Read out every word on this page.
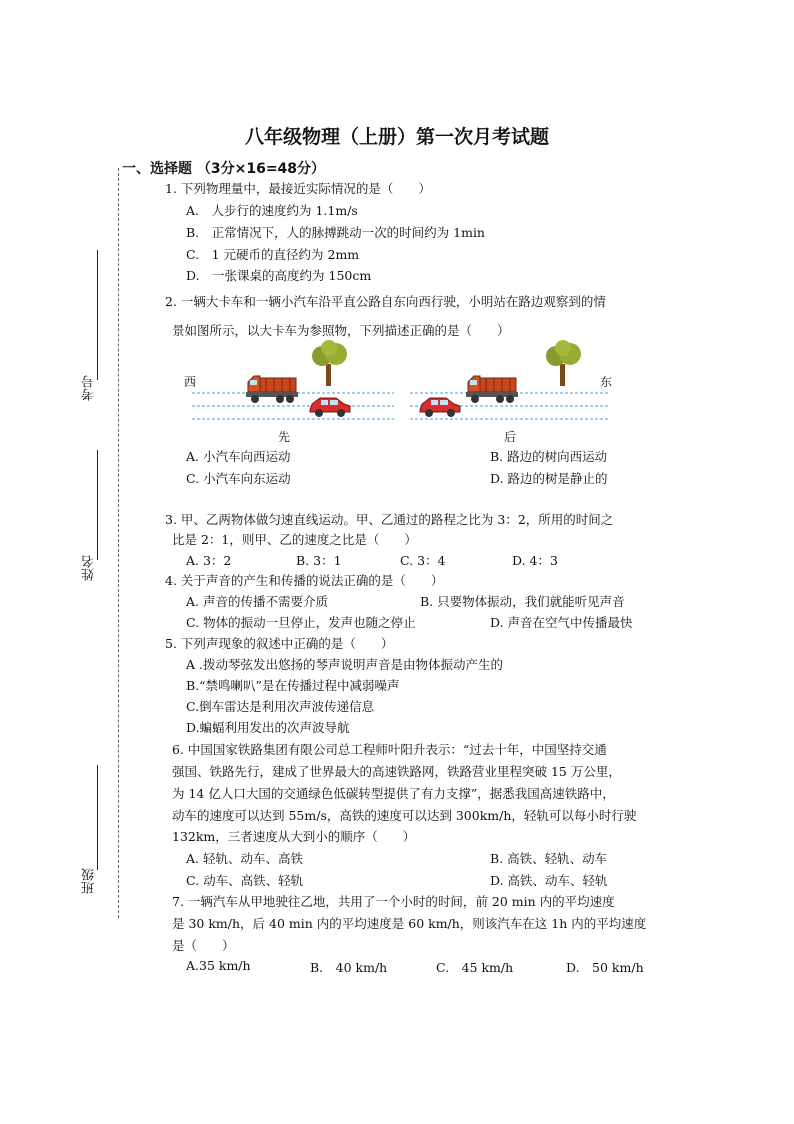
考号
姓名
班级
八年级物理（上册）第一次月考试题
一、选择题 （3分×16=48分）
1. 下列物理量中，最接近实际情况的是（　　）
A.　人步行的速度约为 1.1m/s
B.　正常情况下，人的脉搏跳动一次的时间约为 1min
C.　1 元硬币的直径约为 2mm
D.　一张课桌的高度约为 150cm
2. 一辆大卡车和一辆小汽车沿平直公路自东向西行驶，小明站在路边观察到的情
景如图所示，以大卡车为参照物，下列描述正确的是（　　）
西	东
先	后
A. 小汽车向西运动	B. 路边的树向西运动
C. 小汽车向东运动	D. 路边的树是静止的
3. 甲、乙两物体做匀速直线运动。甲、乙通过的路程之比为 3：2，所用的时间之
比是 2：1，则甲、乙的速度之比是（　　）
A. 3：2	B. 3：1	C. 3：4	D. 4：3
4. 关于声音的产生和传播的说法正确的是（　　）
A. 声音的传播不需要介质	B. 只要物体振动，我们就能听见声音
C. 物体的振动一旦停止，发声也随之停止	D. 声音在空气中传播最快
5. 下列声现象的叙述中正确的是（　　）
A .拨动琴弦发出悠扬的琴声说明声音是由物体振动产生的
B.“禁鸣喇叭”是在传播过程中减弱噪声
C.倒车雷达是利用次声波传递信息
D.蝙蝠利用发出的次声波导航
6. 中国国家铁路集团有限公司总工程师叶阳升表示：“过去十年，中国坚持交通
强国、铁路先行，建成了世界最大的高速铁路网，铁路营业里程突破 15 万公里，
为 14 亿人口大国的交通绿色低碳转型提供了有力支撑”，据悉我国高速铁路中，
动车的速度可以达到 55m/s，高铁的速度可以达到 300km/h，轻轨可以每小时行驶
132km，三者速度从大到小的顺序（　　）
A. 轻轨、动车、高铁	B. 高铁、轻轨、动车
C. 动车、高铁、轻轨	D. 高铁、动车、轻轨
7. 一辆汽车从甲地驶往乙地，共用了一个小时的时间，前 20 min 内的平均速度
是 30 km/h，后 40 min 内的平均速度是 60 km/h，则该汽车在这 1h 内的平均速度
是（　　）
A.35 km/h	B.　40 km/h	C.　45 km/h	D.　50 km/h
